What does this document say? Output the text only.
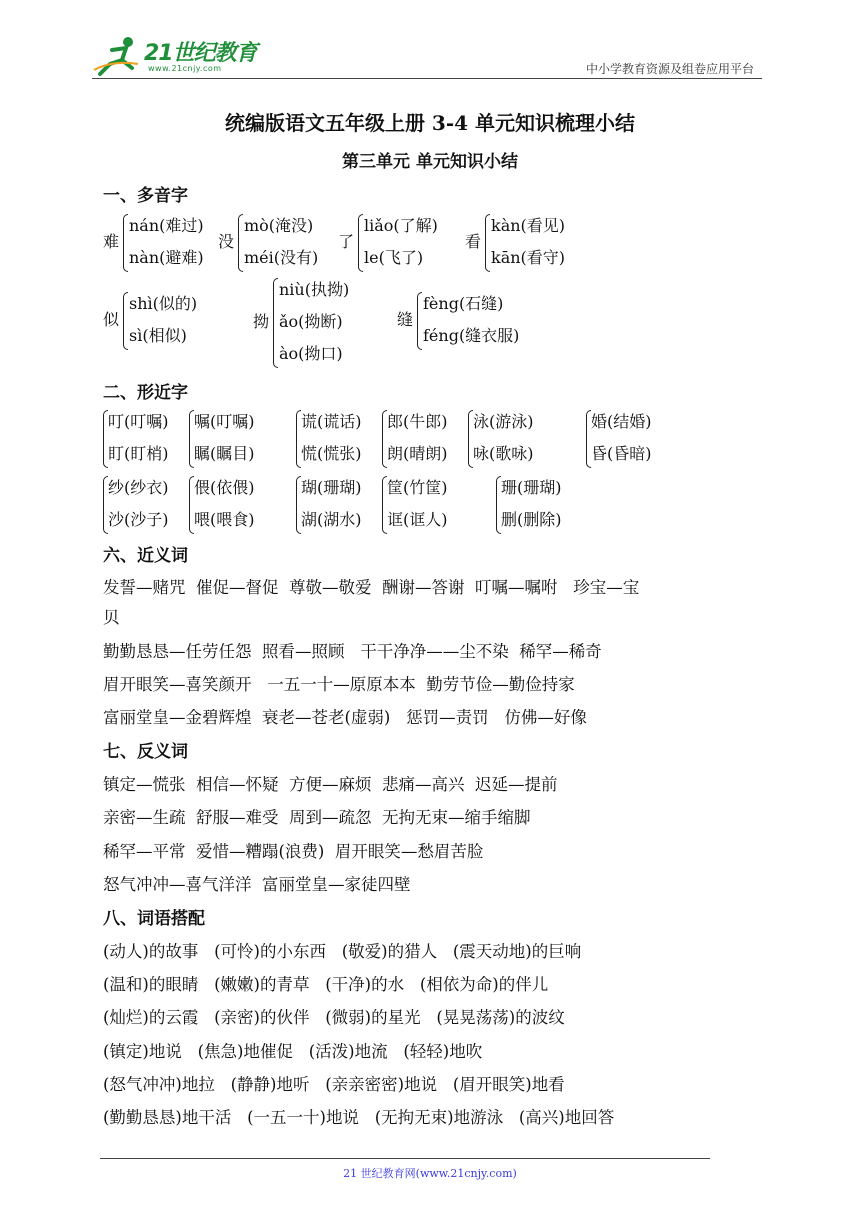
21世纪教育
www.21cnjy.com	中小学教育资源及组卷应用平台
统编版语文五年级上册 3-4 单元知识梳理小结
第三单元 单元知识小结
一、多音字
难
nán(难过)
nàn(避难)
没
mò(淹没)
méi(没有)
了
liǎo(了解)
le(飞了)
看
kàn(看见)
kān(看守)
似
shì(似的)
sì(相似)
拗
niù(执拗)
ǎo(拗断)
ào(拗口)
缝
fèng(石缝)
féng(缝衣服)
二、形近字
叮(叮嘱)
盯(盯梢)
嘱(叮嘱)
瞩(瞩目)
谎(谎话)
慌(慌张)
郎(牛郎)
朗(晴朗)
泳(游泳)
咏(歌咏)
婚(结婚)
昏(昏暗)
纱(纱衣)
沙(沙子)
偎(依偎)
喂(喂食)
瑚(珊瑚)
湖(湖水)
筐(竹筐)
诓(诓人)
珊(珊瑚)
删(删除)
六、近义词
发誓—赌咒  催促—督促  尊敬—敬爱  酬谢—答谢  叮嘱—嘱咐   珍宝—宝
贝
勤勤恳恳—任劳任怨  照看—照顾   干干净净——尘不染  稀罕—稀奇
眉开眼笑—喜笑颜开   一五一十—原原本本  勤劳节俭—勤俭持家
富丽堂皇—金碧辉煌  衰老—苍老(虚弱)   惩罚—责罚   仿佛—好像
七、反义词
镇定—慌张  相信—怀疑  方便—麻烦  悲痛—高兴  迟延—提前
亲密—生疏  舒服—难受  周到—疏忽  无拘无束—缩手缩脚
稀罕—平常  爱惜—糟蹋(浪费)  眉开眼笑—愁眉苦脸
怒气冲冲—喜气洋洋  富丽堂皇—家徒四壁
八、词语搭配
(动人)的故事   (可怜)的小东西   (敬爱)的猎人   (震天动地)的巨响
(温和)的眼睛   (嫩嫩)的青草   (干净)的水   (相依为命)的伴儿
(灿烂)的云霞   (亲密)的伙伴   (微弱)的星光   (晃晃荡荡)的波纹
(镇定)地说   (焦急)地催促   (活泼)地流   (轻轻)地吹
(怒气冲冲)地拉   (静静)地听   (亲亲密密)地说   (眉开眼笑)地看
(勤勤恳恳)地干活   (一五一十)地说   (无拘无束)地游泳   (高兴)地回答
21 世纪教育网(www.21cnjy.com)
